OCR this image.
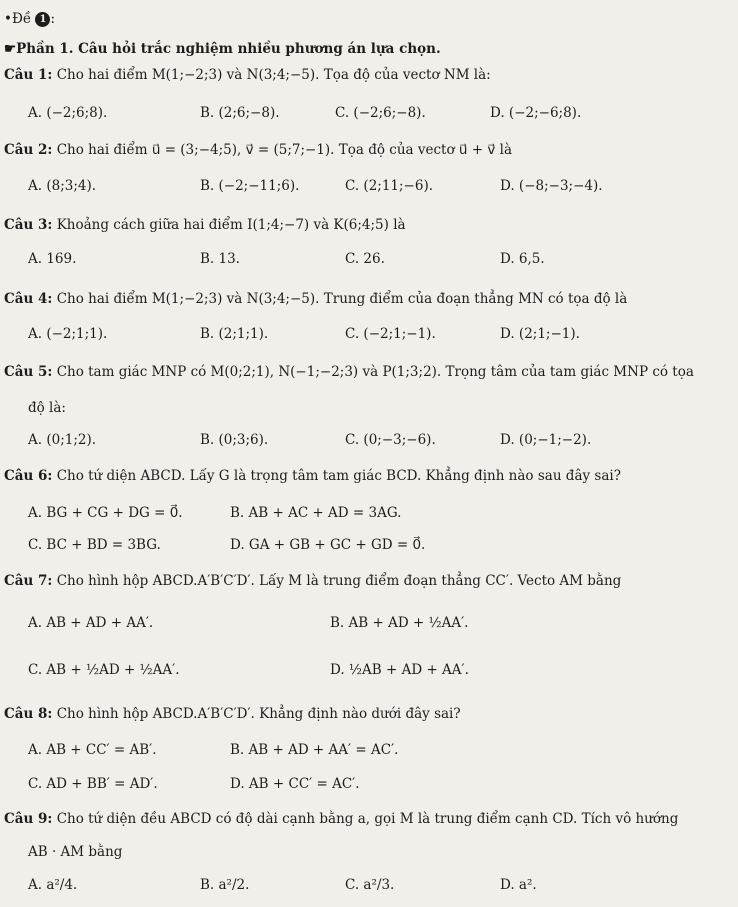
•Đề 1 :
☛Phần 1. Câu hỏi trắc nghiệm nhiều phương án lựa chọn.
Câu 1: Cho hai điểm M(1;−2;3) và N(3;4;−5). Tọa độ của vectơ NM là:
A. (−2;6;8).	B. (2;6;−8).	C. (−2;6;−8).	D. (−2;−6;8).
Câu 2: Cho hai điểm u⃗ = (3;−4;5), v⃗ = (5;7;−1). Tọa độ của vectơ u⃗ + v⃗ là
A. (8;3;4).	B. (−2;−11;6).	C. (2;11;−6).	D. (−8;−3;−4).
Câu 3: Khoảng cách giữa hai điểm I(1;4;−7) và K(6;4;5) là
A. 169.	B. 13.	C. 26.	D. 6,5.
Câu 4: Cho hai điểm M(1;−2;3) và N(3;4;−5). Trung điểm của đoạn thẳng MN có tọa độ là
A. (−2;1;1).	B. (2;1;1).	C. (−2;1;−1).	D. (2;1;−1).
Câu 5: Cho tam giác MNP có M(0;2;1), N(−1;−2;3) và P(1;3;2). Trọng tâm của tam giác MNP có tọa
độ là:
A. (0;1;2).	B. (0;3;6).	C. (0;−3;−6).	D. (0;−1;−2).
Câu 6: Cho tứ diện ABCD. Lấy G là trọng tâm tam giác BCD. Khẳng định nào sau đây sai?
A. BG + CG + DG = 0⃗.	B. AB + AC + AD = 3AG.
C. BC + BD = 3BG.	D. GA + GB + GC + GD = 0⃗.
Câu 7: Cho hình hộp ABCD.A′B′C′D′. Lấy M là trung điểm đoạn thẳng CC′. Vecto AM bằng
A. AB + AD + AA′.	B. AB + AD + ½AA′.
C. AB + ½AD + ½AA′.	D. ½AB + AD + AA′.
Câu 8: Cho hình hộp ABCD.A′B′C′D′. Khẳng định nào dưới đây sai?
A. AB + CC′ = AB′.	B. AB + AD + AA′ = AC′.
C. AD + BB′ = AD′.	D. AB + CC′ = AC′.
Câu 9: Cho tứ diện đều ABCD có độ dài cạnh bằng a, gọi M là trung điểm cạnh CD. Tích vô hướng
AB · AM bằng
A. a²/4.	B. a²/2.	C. a²/3.	D. a².
